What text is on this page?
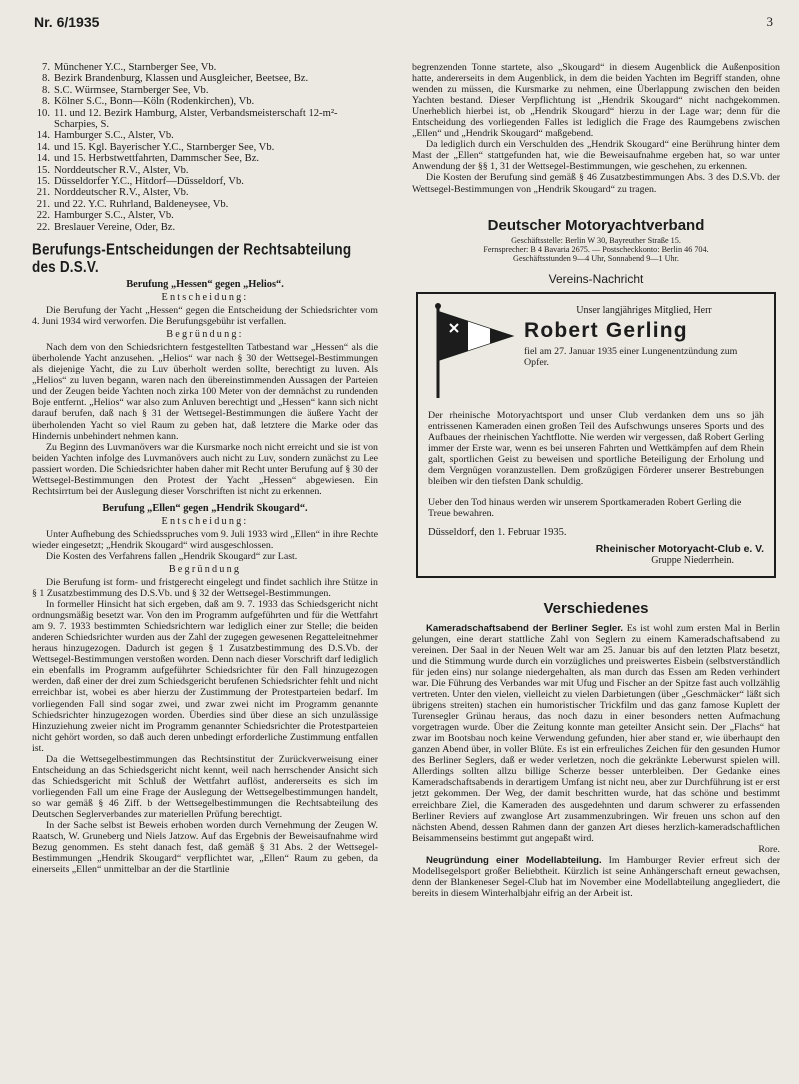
Nr. 6/1935	3
7. Münchener Y.C., Starnberger See, Vb.
8. Bezirk Brandenburg, Klassen und Ausgleicher, Beetsee, Bz.
8. S.C. Würmsee, Starnberger See, Vb.
8. Kölner S.C., Bonn—Köln (Rodenkirchen), Vb.
10. 11. und 12. Bezirk Hamburg, Alster, Verbandsmeisterschaft 12-m²-Scharpies, S.
14. Hamburger S.C., Alster, Vb.
14. und 15. Kgl. Bayerischer Y.C., Starnberger See, Vb.
14. und 15. Herbstwettfahrten, Dammscher See, Bz.
15. Norddeutscher R.V., Alster, Vb.
15. Düsseldorfer Y.C., Hitdorf—Düsseldorf, Vb.
21. Norddeutscher R.V., Alster, Vb.
21. und 22. Y.C. Ruhrland, Baldeneysee, Vb.
22. Hamburger S.C., Alster, Vb.
22. Breslauer Vereine, Oder, Bz.
Berufungs-Entscheidungen der Rechtsabteilung des D.S.V.
Berufung „Hessen“ gegen „Helios“.
Entscheidung:

Die Berufung der Yacht „Hessen“ gegen die Entscheidung der Schiedsrichter vom 4. Juni 1934 wird verworfen. Die Berufungsgebühr ist verfallen.

Begründung:

Nach dem von den Schiedsrichtern festgestellten Tatbestand war „Hessen“ als die überholende Yacht anzusehen. „Helios“ war nach § 30 der Wettsegel-Bestimmungen als diejenige Yacht, die zu Luv überholt werden sollte, berechtigt zu luven. Als „Helios“ zu luven begann, waren nach den übereinstimmenden Aussagen der Parteien und der Zeugen beide Yachten noch zirka 100 Meter von der demnächst zu rundenden Boje entfernt. „Helios“ war also zum Anluven berechtigt und „Hessen“ kann sich nicht darauf berufen, daß nach § 31 der Wettsegel-Bestimmungen die äußere Yacht der überholenden Yacht so viel Raum zu geben hat, daß letztere die Marke oder das Hindernis unbehindert nehmen kann.

Zu Beginn des Luvmanövers war die Kursmarke noch nicht erreicht und sie ist von beiden Yachten infolge des Luvmanövers auch nicht zu Luv, sondern zunächst zu Lee passiert worden. Die Schiedsrichter haben daher mit Recht unter Berufung auf § 30 der Wettsegel-Bestimmungen den Protest der Yacht „Hessen“ abgewiesen. Ein Rechtsirrtum bei der Auslegung dieser Vorschriften ist nicht zu erkennen.

Berufung „Ellen“ gegen „Hendrik Skougard“.
Entscheidung:

Unter Aufhebung des Schiedsspruches vom 9. Juli 1933 wird „Ellen“ in ihre Rechte wieder eingesetzt; „Hendrik Skougard“ wird ausgeschlossen.

Die Kosten des Verfahrens fallen „Hendrik Skougard“ zur Last.

Begründung

Die Berufung ist form- und fristgerecht eingelegt und findet sachlich ihre Stütze in § 1 Zusatzbestimmung des D.S.Vb. und § 32 der Wettsegel-Bestimmungen.

In formeller Hinsicht hat sich ergeben, daß am 9. 7. 1933 das Schiedsgericht nicht ordnungsmäßig besetzt war. Von den im Programm aufgeführten und für die Wettfahrt am 9. 7. 1933 bestimmten Schiedsrichtern war lediglich einer zur Stelle; die beiden anderen Schiedsrichter wurden aus der Zahl der zugegen gewesenen Regatteleitnehmer heraus hinzugezogen. Dadurch ist gegen § 1 Zusatzbestimmung des D.S.Vb. der Wettsegel-Bestimmungen verstoßen worden. Denn nach dieser Vorschrift darf lediglich ein ebenfalls im Programm aufgeführter Schiedsrichter für den Fall hinzugezogen werden, daß einer der drei zum Schiedsgericht berufenen Schiedsrichter fehlt und nicht erreichbar ist, wobei es aber hierzu der Zustimmung der Protestparteien bedarf. Im vorliegenden Fall sind sogar zwei, und zwar zwei nicht im Programm genannte Schiedsrichter hinzugezogen worden. Überdies sind über diese an sich unzulässige Hinzuziehung zweier nicht im Programm genannter Schiedsrichter die Protestparteien nicht gehört worden, so daß auch deren unbedingt erforderliche Zustimmung entfallen ist.

Da die Wettsegelbestimmungen das Rechtsinstitut der Zurückverweisung einer Entscheidung an das Schiedsgericht nicht kennt, weil nach herrschender Ansicht sich das Schiedsgericht mit Schluß der Wettfahrt auflöst, andererseits es sich im vorliegenden Fall um eine Frage der Auslegung der Wettsegelbestimmungen handelt, so war gemäß § 46 Ziff. b der Wettsegelbestimmungen die Rechtsabteilung des Deutschen Seglerverbandes zur materiellen Prüfung berechtigt.

In der Sache selbst ist Beweis erhoben worden durch Vernehmung der Zeugen W. Raatsch, W. Gruneberg und Niels Jatzow. Auf das Ergebnis der Beweisaufnahme wird Bezug genommen. Es steht danach fest, daß gemäß § 31 Abs. 2 der Wettsegel-Bestimmungen „Hendrik Skougard“ verpflichtet war, „Ellen“ Raum zu geben, da einerseits „Ellen“ unmittelbar an der die Startlinie

begrenzenden Tonne startete, also „Skougard“ in diesem Augenblick die Außenposition hatte, andererseits in dem Augenblick, in dem die beiden Yachten im Begriff standen, ohne wenden zu müssen, die Kursmarke zu nehmen, eine Überlappung zwischen den beiden Yachten bestand. Dieser Verpflichtung ist „Hendrik Skougard“ nicht nachgekommen. Unerheblich hierbei ist, ob „Hendrik Skougard“ hierzu in der Lage war; denn für die Entscheidung des vorliegenden Falles ist lediglich die Frage des Raumgebens zwischen „Ellen“ und „Hendrik Skougard“ maßgebend.

Da lediglich durch ein Verschulden des „Hendrik Skougard“ eine Berührung hinter dem Mast der „Ellen“ stattgefunden hat, wie die Beweisaufnahme ergeben hat, so war unter Anwendung der §§ 1, 31 der Wettsegel-Bestimmungen, wie geschehen, zu erkennen.

Die Kosten der Berufung sind gemäß § 46 Zusatzbestimmungen Abs. 3 des D.S.Vb. der Wettsegel-Bestimmungen von „Hendrik Skougard“ zu tragen.

Deutscher Motoryachtverband
Geschäftsstelle: Berlin W 30, Bayreuther Straße 15.
Fernsprecher: B 4 Bavaria 2675. — Postscheckkonto: Berlin 46 704.
Geschäftsstunden 9—4 Uhr, Sonnabend 9—1 Uhr.
Vereins-Nachricht
Unser langjähriges Mitglied, Herr
Robert Gerling
fiel am 27. Januar 1935 einer Lungenentzündung zum Opfer.
Der rheinische Motoryachtsport und unser Club verdanken dem uns so jäh entrissenen Kameraden einen großen Teil des Aufschwungs unseres Sports und des Aufbaues der rheinischen Yachtflotte. Nie werden wir vergessen, daß Robert Gerling immer der Erste war, wenn es bei unseren Fahrten und Wettkämpfen auf dem Rhein galt, sportlichen Geist zu beweisen und sportliche Beteiligung der Erholung und dem Vergnügen voranzustellen. Dem großzügigen Förderer unserer Bestrebungen bleiben wir den tiefsten Dank schuldig.
Ueber den Tod hinaus werden wir unserem Sportkameraden Robert Gerling die Treue bewahren.
Düsseldorf, den 1. Februar 1935.
Rheinischer Motoryacht-Club e. V.
Gruppe Niederrhein.
Verschiedenes

Kameradschaftsabend der Berliner Segler. Es ist wohl zum ersten Mal in Berlin gelungen, eine derart stattliche Zahl von Seglern zu einem Kameradschaftsabend zu vereinen. Der Saal in der Neuen Welt war am 25. Januar bis auf den letzten Platz besetzt, und die Stimmung wurde durch ein vorzügliches und preiswertes Eisbein (selbstverständlich für jeden eins) nur solange niedergehalten, als man durch das Essen am Reden verhindert war. Die Führung des Verbandes war mit Ufug und Fischer an der Spitze fast auch vollzählig vertreten. Unter den vielen, vielleicht zu vielen Darbietungen (über „Geschmäcker“ läßt sich übrigens streiten) stachen ein humoristischer Trickfilm und das ganz famose Kuplett der Turensegler Grünau heraus, das noch dazu in einer besonders netten Aufmachung vorgetragen wurde. Über die Zeitung konnte man geteilter Ansicht sein. Der „Flachs“ hat zwar im Bootsbau noch keine Verwendung gefunden, hier aber stand er, wie überhaupt den ganzen Abend über, in voller Blüte. Es ist ein erfreuliches Zeichen für den gesunden Humor des Berliner Seglers, daß er weder verletzen, noch die gekränkte Leberwurst spielen will. Allerdings sollten allzu billige Scherze besser unterbleiben. Der Gedanke eines Kameradschaftsabends in derartigem Umfang ist nicht neu, aber zur Durchführung ist er erst jetzt gekommen. Der Weg, der damit beschritten wurde, hat das schöne und bestimmt erreichbare Ziel, die Kameraden des ausgedehnten und darum schwerer zu erfassenden Berliner Reviers auf zwanglose Art zusammenzubringen. Wir freuen uns schon auf den nächsten Abend, dessen Rahmen dann der ganzen Art dieses herzlich-kameradschaftlichen Beisammenseins bestimmt gut angepaßt wird.

Rore.

Neugründung einer Modellabteilung. Im Hamburger Revier erfreut sich der Modellsegelsport großer Beliebtheit. Kürzlich ist seine Anhängerschaft erneut gewachsen, denn der Blankeneser Segel-Club hat im November eine Modellabteilung angegliedert, die bereits in diesem Winterhalbjahr eifrig an der Arbeit ist.
